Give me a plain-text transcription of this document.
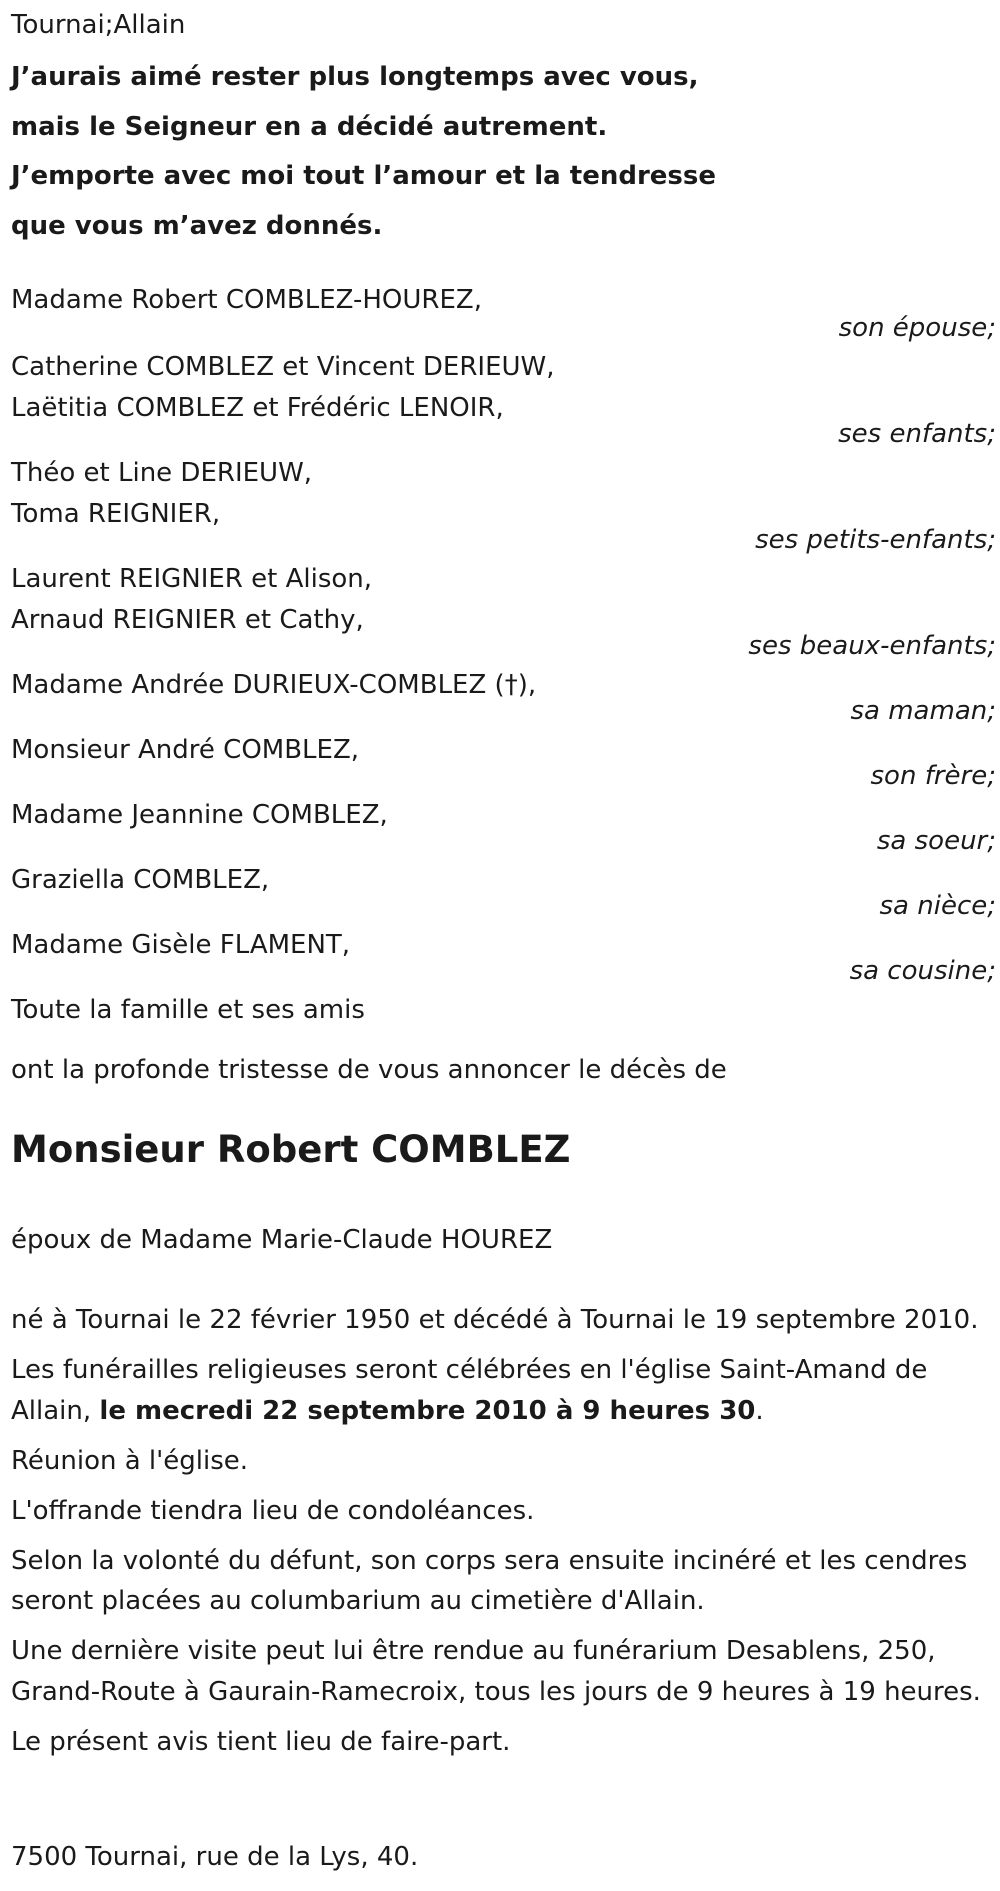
Tournai;Allain
J’aurais aimé rester plus longtemps avec vous,
mais le Seigneur en a décidé autrement.
J’emporte avec moi tout l’amour et la tendresse
que vous m’avez donnés.
Madame Robert COMBLEZ-HOUREZ,
son épouse;
Catherine COMBLEZ et Vincent DERIEUW,
Laëtitia COMBLEZ et Frédéric LENOIR,
ses enfants;
Théo et Line DERIEUW,
Toma REIGNIER,
ses petits-enfants;
Laurent REIGNIER et Alison,
Arnaud REIGNIER et Cathy,
ses beaux-enfants;
Madame Andrée DURIEUX-COMBLEZ (†),
sa maman;
Monsieur André COMBLEZ,
son frère;
Madame Jeannine COMBLEZ,
sa soeur;
Graziella COMBLEZ,
sa nièce;
Madame Gisèle FLAMENT,
sa cousine;
Toute la famille et ses amis
ont la profonde tristesse de vous annoncer le décès de
Monsieur Robert COMBLEZ
époux de Madame Marie-Claude HOUREZ

né à Tournai le 22 février 1950 et décédé à Tournai le 19 septembre 2010.

Les funérailles religieuses seront célébrées en l'église Saint-Amand de Allain, le mecredi 22 septembre 2010 à 9 heures 30.

Réunion à l'église.

L'offrande tiendra lieu de condoléances.

Selon la volonté du défunt, son corps sera ensuite incinéré et les cendres seront placées au columbarium au cimetière d'Allain.

Une dernière visite peut lui être rendue au funérarium Desablens, 250, Grand-Route à Gaurain-Ramecroix, tous les jours de 9 heures à 19 heures.

Le présent avis tient lieu de faire-part.

7500 Tournai, rue de la Lys, 40.
